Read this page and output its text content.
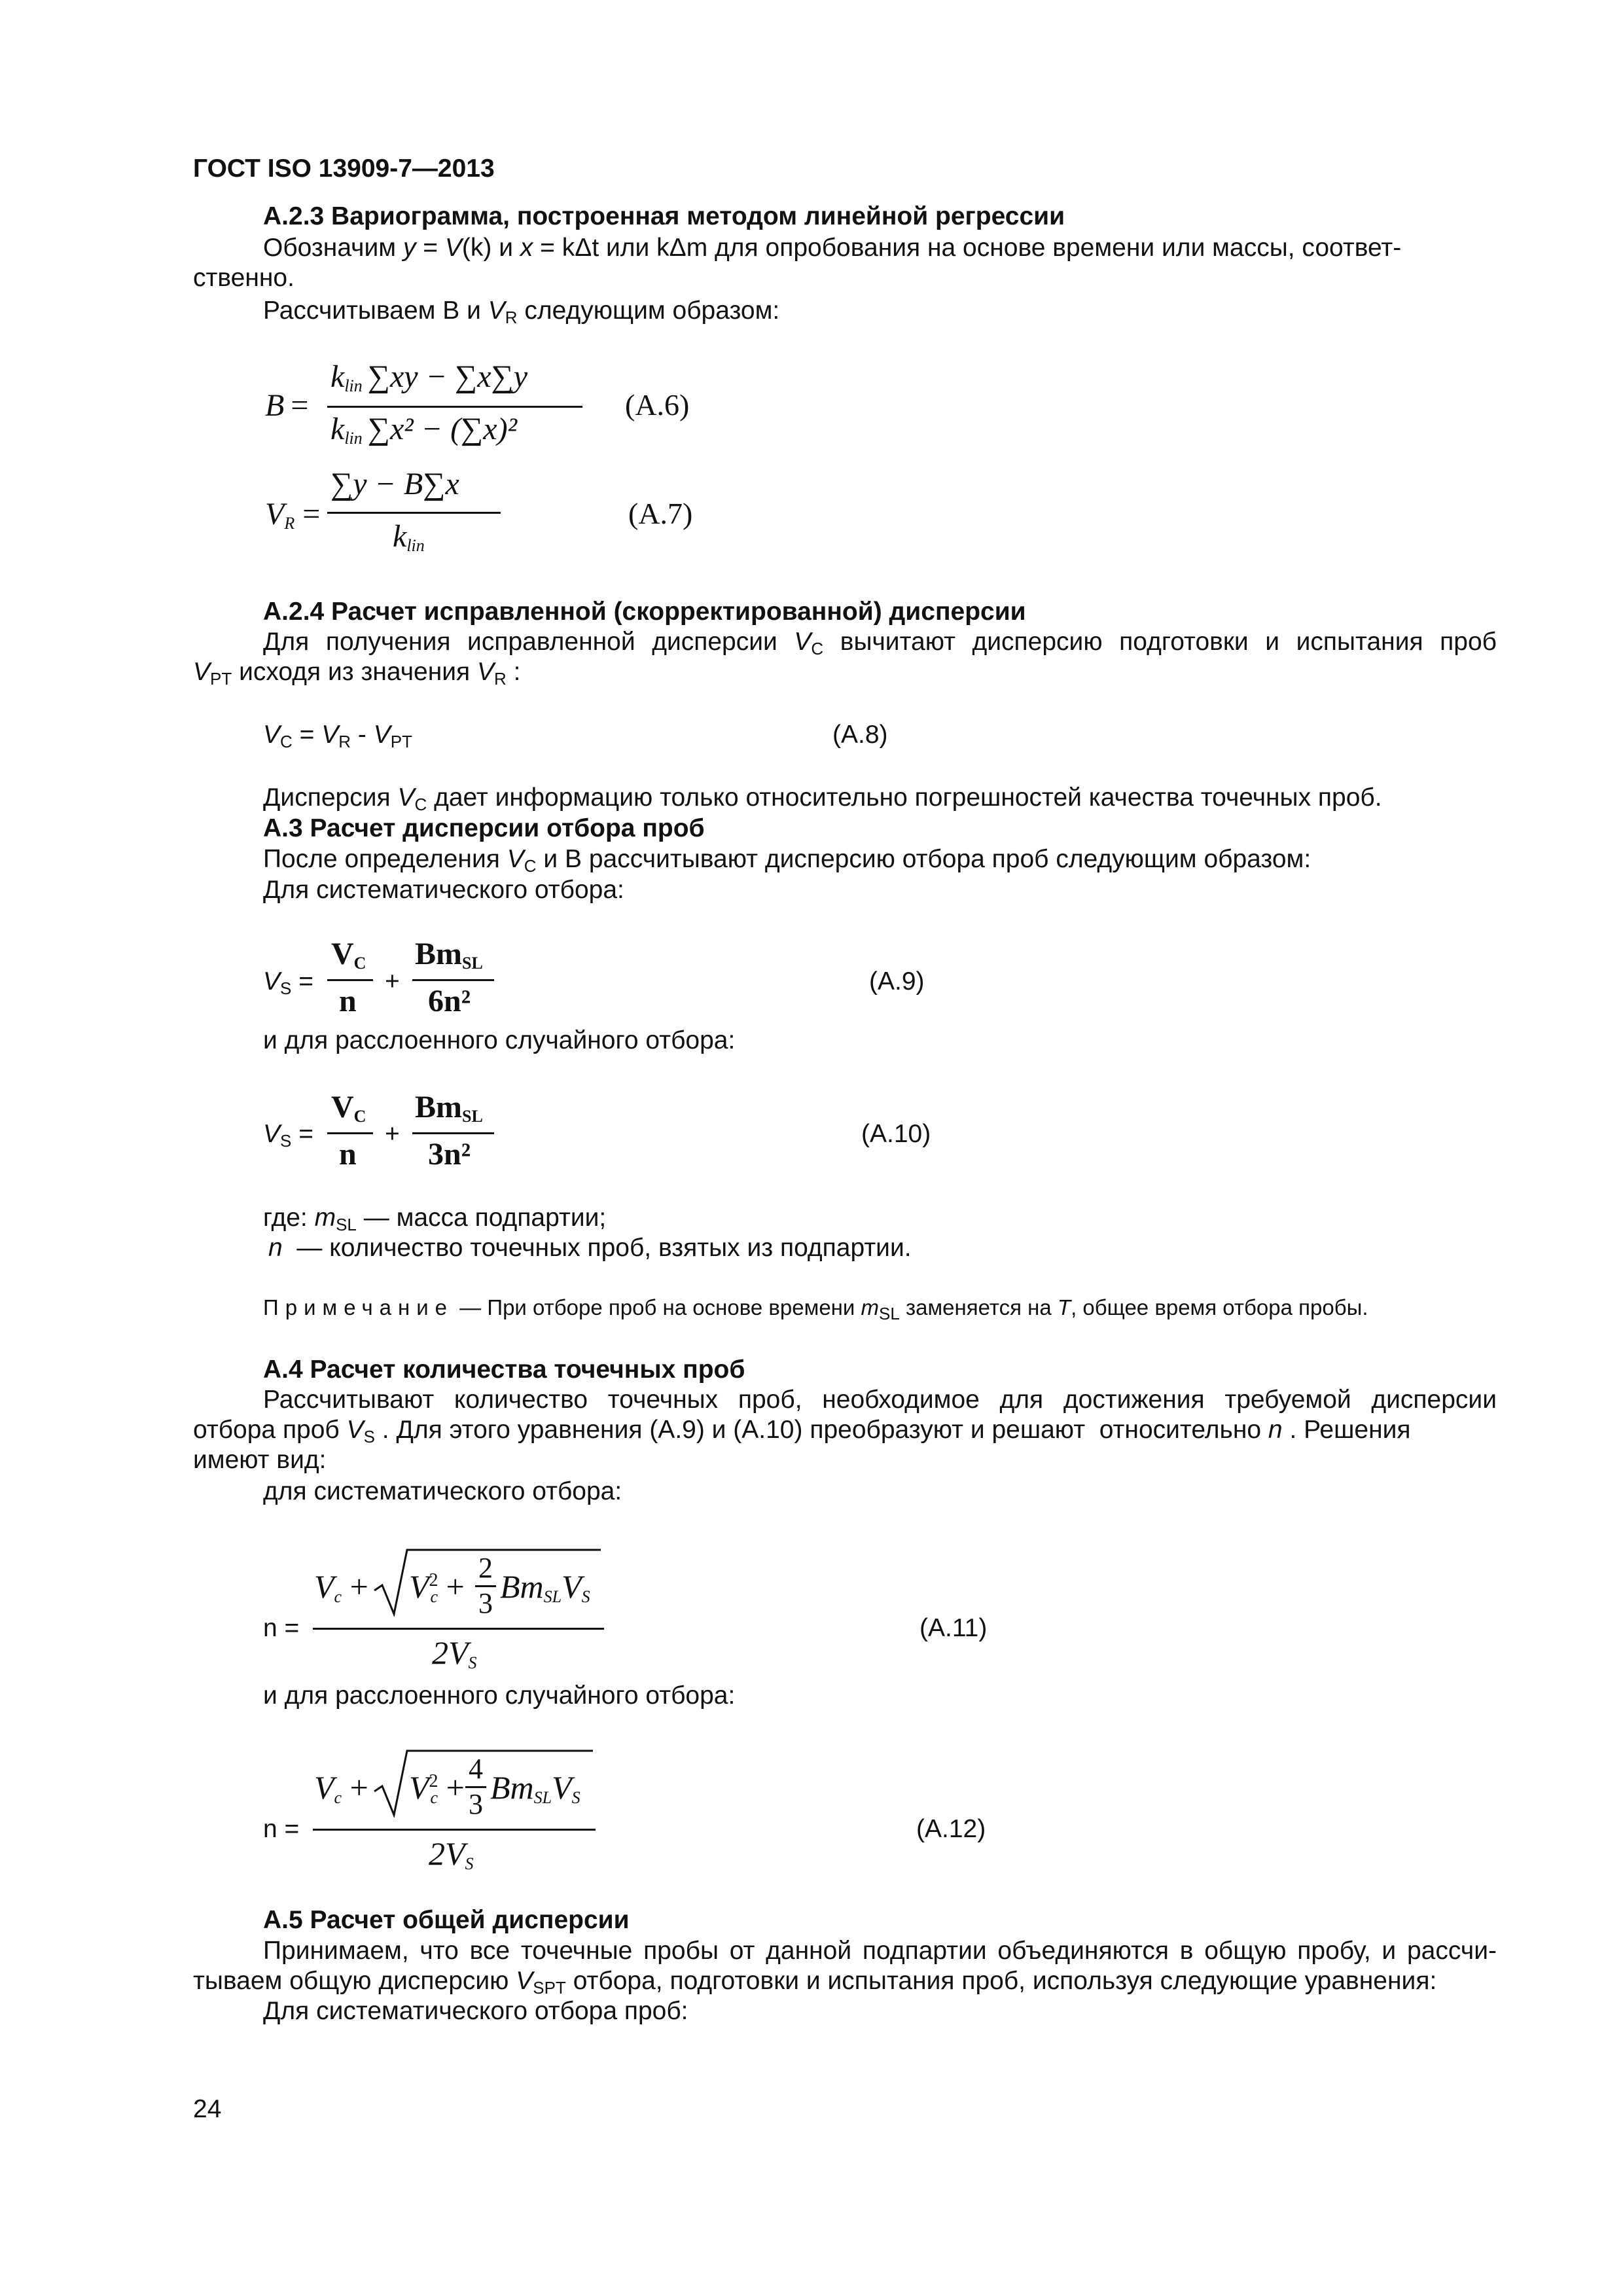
ГОСТ ISO 13909-7—2013
А.2.3 Вариограмма, построенная методом линейной регрессии
Обозначим y = V(k) и x = kΔt или kΔm для опробования на основе времени или массы, соответ-
ственно.
Рассчитываем В и $V_R$ следующим образом:
B =
$k_{lin}$ ∑xy − ∑x∑y
$k_{lin}$ ∑x² − (∑x)²
(A.6)
$V_R$ =
∑y − B∑x
$k_{lin}$
(A.7)
А.2.4 Расчет исправленной (скорректированной) дисперсии
Для получения исправленной дисперсии $V_C$ вычитают дисперсию подготовки и испытания проб
$V_{PT}$ исходя из значения $V_R$ :
$V_C = V_R - V_{PT}$	(A.8)
Дисперсия $V_C$ дает информацию только относительно погрешностей качества точечных проб.
А.3 Расчет дисперсии отбора проб
После определения $V_C$ и В рассчитывают дисперсию отбора проб следующим образом:
Для систематического отбора:
$V_S$ =
$V_C$
n
+
$Bm_{SL}$
6n²
(A.9)
и для расслоенного случайного отбора:
$V_S$ =
$V_C$
n
+
$Bm_{SL}$
3n²
(A.10)
где: $m_{SL}$ — масса подпартии;
n  — количество точечных проб, взятых из подпартии.
Примечание — При отборе проб на основе времени $m_{SL}$ заменяется на T, общее время отбора пробы.
А.4 Расчет количества точечных проб
Рассчитывают количество точечных проб, необходимое для достижения требуемой дисперсии
отбора проб $V_S$ . Для этого уравнения (А.9) и (А.10) преобразуют и решают  относительно n . Решения
имеют вид:
для систематического отбора:
n =
$V_c + V^2_c$ +
2
3 $Bm_{SL}V_S$
$2V_S$
(A.11)
и для расслоенного случайного отбора:
n =
$V_c + V^2_c$ +
4
3 $Bm_{SL}V_S$
$2V_S$
(A.12)
А.5 Расчет общей дисперсии
Принимаем, что все точечные пробы от данной подпартии объединяются в общую пробу, и рассчи-
тываем общую дисперсию $V_{SPT}$ отбора, подготовки и испытания проб, используя следующие уравнения:
Для систематического отбора проб:
24
